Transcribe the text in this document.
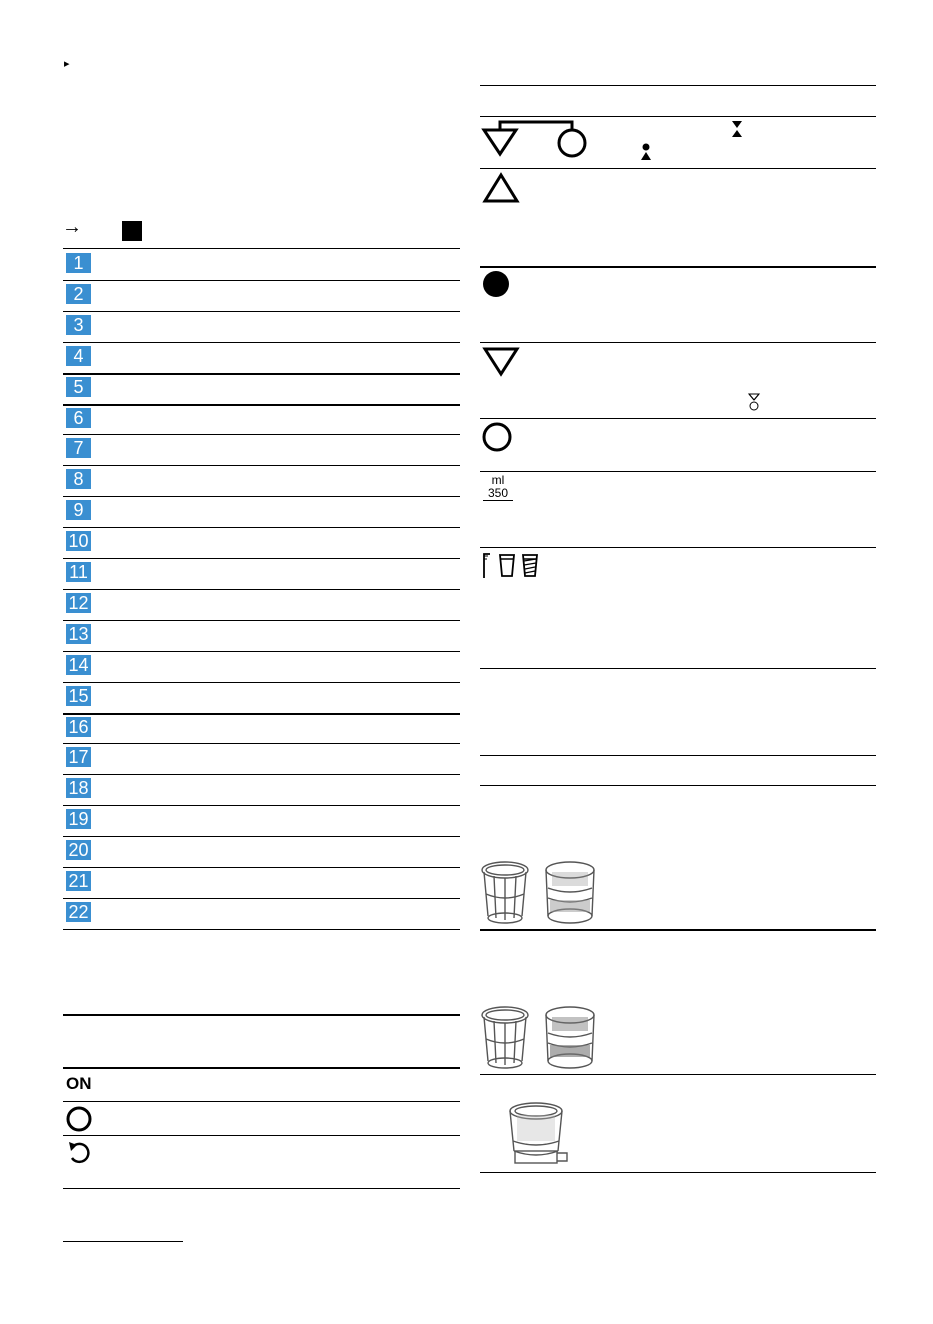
▸
→
1
2
3
4
5
6
7
8
9
10
11
12
13
14
15
16
17
18
19
20
21
22
ON
ml
350
